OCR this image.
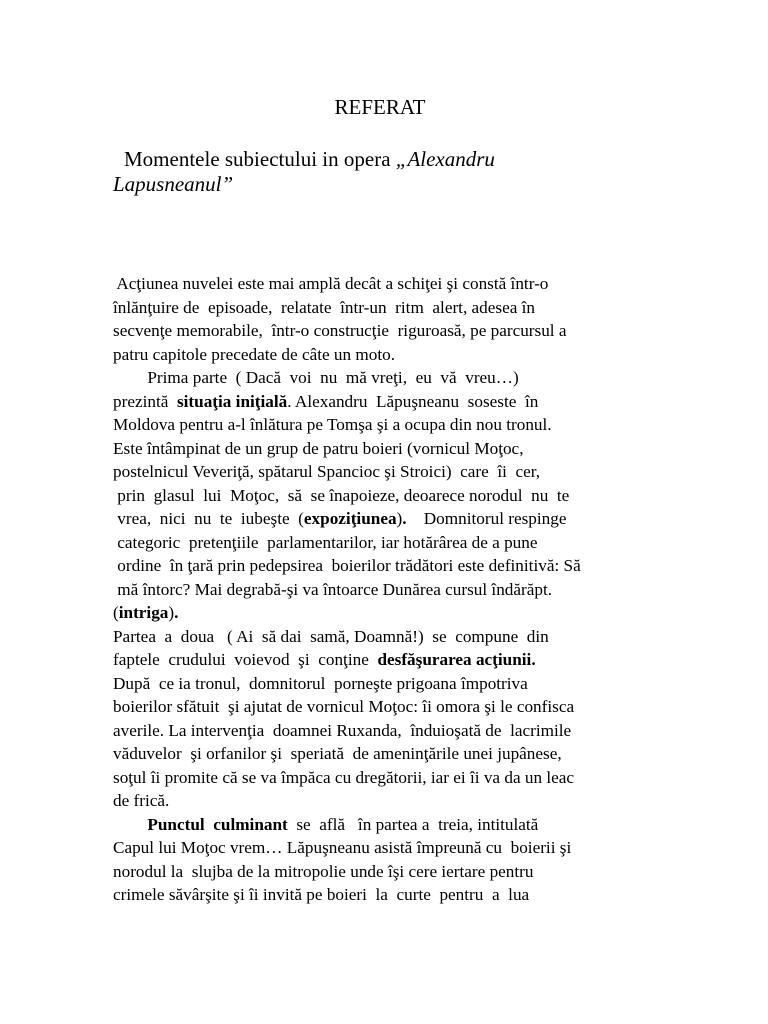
REFERAT
Momentele subiectului in opera „Alexandru
Lapusneanul”
Acţiunea nuvelei este mai amplă decât a schiţei şi constă într-o
înlănţuire de  episoade,  relatate  într-un  ritm  alert, adesea în
secvenţe memorabile,  într-o construcţie  riguroasă, pe parcursul a
patru capitole precedate de câte un moto.
Prima parte  ( Dacă  voi  nu  mă vreţi,  eu  vă  vreu…)
prezintă  situaţia iniţială. Alexandru  Lăpuşneanu  soseste  în
Moldova pentru a-l înlătura pe Tomşa şi a ocupa din nou tronul.
Este întâmpinat de un grup de patru boieri (vornicul Moţoc,
postelnicul Veveriţă, spătarul Spancioc şi Stroici)  care  îi  cer,
prin  glasul  lui  Moţoc,  să  se înapoieze, deoarece norodul  nu  te
vrea,  nici  nu  te  iubeşte  (expoziţiunea).    Domnitorul respinge
categoric  pretenţiile  parlamentarilor, iar hotărârea de a pune
ordine  în ţară prin pedepsirea  boierilor trădători este definitivă: Să
mă întorc? Mai degrabă-şi va întoarce Dunărea cursul îndărăpt.
(intriga).
Partea  a  doua   ( Ai  să dai  samă, Doamnă!)  se  compune  din
faptele  crudului  voievod  şi  conţine  desfăşurarea acţiunii.
După  ce ia tronul,  domnitorul  porneşte prigoana împotriva
boierilor sfătuit  şi ajutat de vornicul Moţoc: îi omora şi le confisca
averile. La intervenţia  doamnei Ruxanda,  înduioşată de  lacrimile
văduvelor  şi orfanilor şi  speriată  de ameninţările unei jupânese,
soţul îi promite că se va împăca cu dregătorii, iar ei îi va da un leac
de frică.
Punctul  culminant  se  află   în partea a  treia, intitulată
Capul lui Moţoc vrem… Lăpuşneanu asistă împreună cu  boierii şi
norodul la  slujba de la mitropolie unde îşi cere iertare pentru
crimele săvârşite şi îi invită pe boieri  la  curte  pentru  a  lua
